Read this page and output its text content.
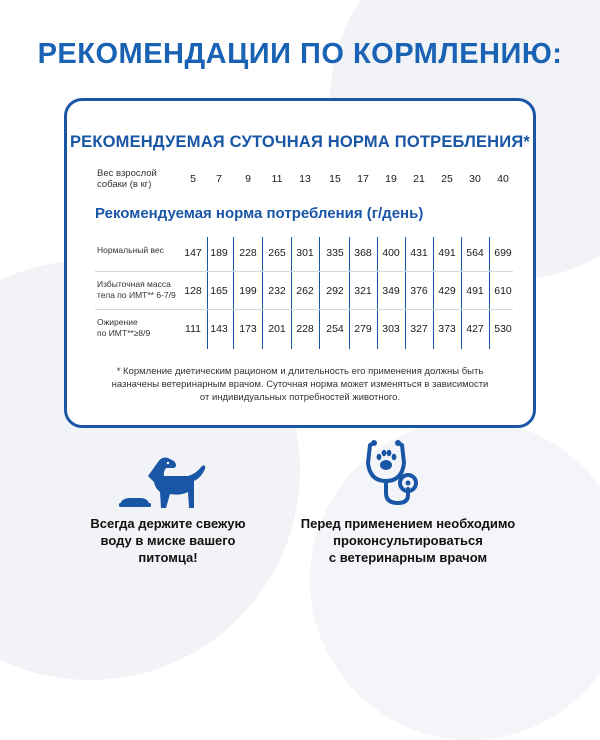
РЕКОМЕНДАЦИИ ПО КОРМЛЕНИЮ:
РЕКОМЕНДУЕМАЯ СУТОЧНАЯ НОРМА ПОТРЕБЛЕНИЯ*
Вес взрослой
собаки (в кг)
Рекомендуемая норма потребления (г/день)
* Кормление диетическим рационом и длительность его применения должны быть
назначены ветеринарным врачом. Суточная норма может изменяться в зависимости
от индивидуальных потребностей животного.
5	7	9	11	13	15	17	19	21	25	30	40
Нормальный вес	147 189	228	265 301	335 368 400 431 491 564 699
Избыточная масса
тела по ИМТ** 6-7/9 128 165	199	232 262	292 321 349 376 429 491 610
Ожирение
по ИМТ**≥8/9	111 143	173	201 228	254 279 303 327 373 427 530
Всегда держите свежую
воду в миске вашего
питомца!
Перед применением необходимо
проконсультироваться
с ветеринарным врачом
